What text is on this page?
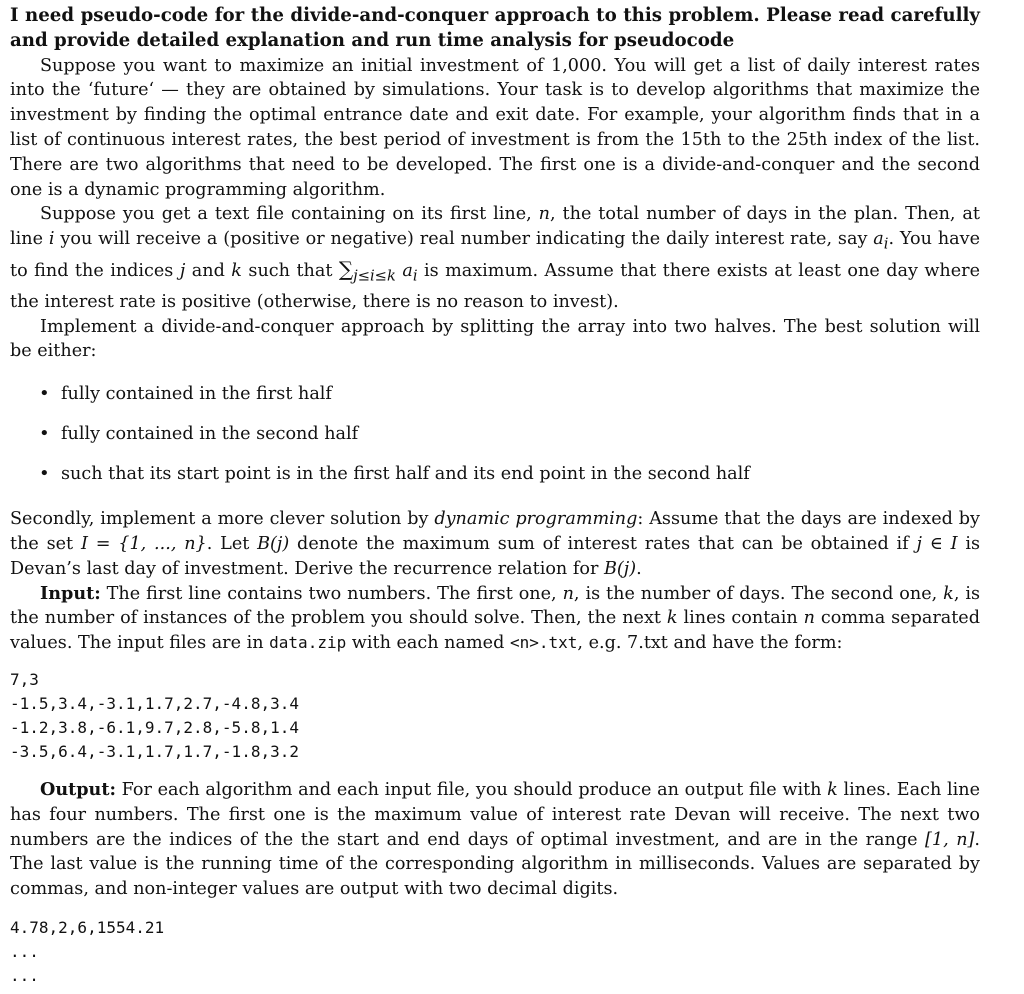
I need pseudo-code for the divide-and-conquer approach to this problem. Please read carefully and provide detailed explanation and run time analysis for pseudocode

Suppose you want to maximize an initial investment of 1,000. You will get a list of daily interest rates into the ‘future‘ — they are obtained by simulations. Your task is to develop algorithms that maximize the investment by finding the optimal entrance date and exit date. For example, your algorithm finds that in a list of continuous interest rates, the best period of investment is from the 15th to the 25th index of the list. There are two algorithms that need to be developed. The first one is a divide-and-conquer and the second one is a dynamic programming algorithm.

Suppose you get a text file containing on its first line, n, the total number of days in the plan. Then, at line i you will receive a (positive or negative) real number indicating the daily interest rate, say $a_i$. You have to find the indices j and k such that $\sum_{j\le i\le k}$ $a_i$ is maximum. Assume that there exists at least one day where the interest rate is positive (otherwise, there is no reason to invest).

Implement a divide-and-conquer approach by splitting the array into two halves. The best solution will be either:

• fully contained in the first half
• fully contained in the second half
• such that its start point is in the first half and its end point in the second half

Secondly, implement a more clever solution by dynamic programming: Assume that the days are indexed by the set I = {1, ..., n}. Let B(j) denote the maximum sum of interest rates that can be obtained if j ∈ I is Devan’s last day of investment. Derive the recurrence relation for B(j).

Input: The first line contains two numbers. The first one, n, is the number of days. The second one, k, is the number of instances of the problem you should solve. Then, the next k lines contain n comma separated values. The input files are in data.zip with each named <n>.txt, e.g. 7.txt and have the form:

7,3
-1.5,3.4,-3.1,1.7,2.7,-4.8,3.4
-1.2,3.8,-6.1,9.7,2.8,-5.8,1.4
-3.5,6.4,-3.1,1.7,1.7,-1.8,3.2

Output: For each algorithm and each input file, you should produce an output file with k lines. Each line has four numbers. The first one is the maximum value of interest rate Devan will receive. The next two numbers are the indices of the the start and end days of optimal investment, and are in the range [1, n]. The last value is the running time of the corresponding algorithm in milliseconds. Values are separated by commas, and non-integer values are output with two decimal digits.

4.78,2,6,1554.21
...
...
